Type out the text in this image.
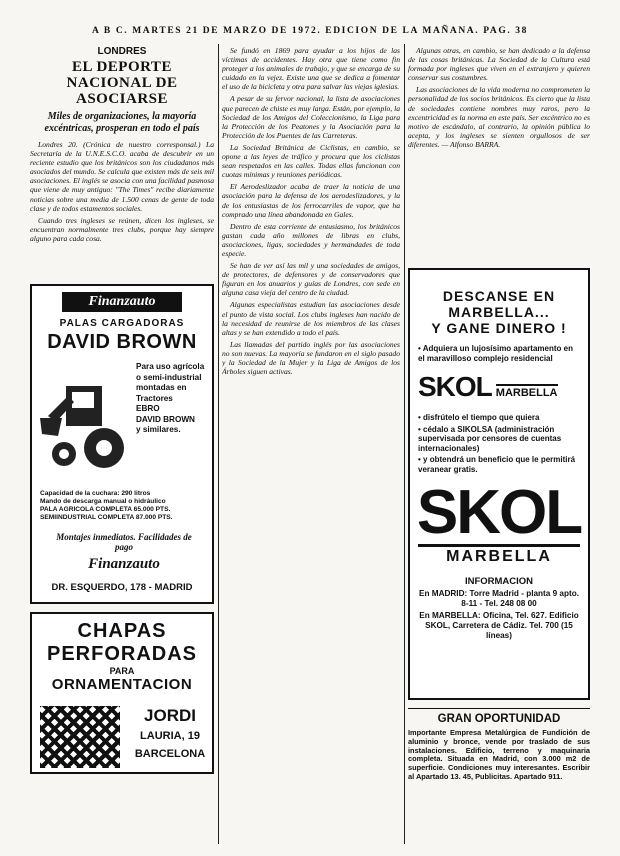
A B C. MARTES 21 DE MARZO DE 1972. EDICION DE LA MAÑANA. PAG. 38

LONDRES

EL DEPORTE NACIONAL DE ASOCIARSE
Miles de organizaciones, la mayoría excéntricas, prosperan en todo el país

Londres 20. (Crónica de nuestro corresponsal.) La Secretaría de la U.N.E.S.C.O. acaba de descubrir en un reciente estudio que los británicos son los ciudadanos más asociados del mundo. Se calcula que existen más de seis mil asociaciones. El inglés se asocia con una facilidad pasmosa que viene de muy antiguo: "The Times" recibe diariamente noticias sobre una media de 1.500 cenas de gente de toda clase y de todos estamentos sociales.

Cuando tres ingleses se reúnen, dicen los ingleses, se encuentran normalmente tres clubs, porque hay siempre alguno para cada cosa.

Finanzauto
PALAS CARGADORAS
DAVID BROWN
Para uso agrícola
o semi-industrial
montadas en
Tractores
EBRO
DAVID BROWN
y similares.
Capacidad de la cuchara: 290 litros
Mando de descarga manual o hidráulico
PALA AGRICOLA COMPLETA 65.000 PTS.
SEMIINDUSTRIAL COMPLETA 87.000 PTS.
Montajes inmediatos. Facilidades de pago
Finanzauto
DR. ESQUERDO, 178 - MADRID
CHAPAS
PERFORADAS
PARA
ORNAMENTACION
JORDI
LAURIA, 19
BARCELONA

Se fundó en 1869 para ayudar a los hijos de las víctimas de accidentes. Hay otra que tiene como fin proteger a los animales de trabajo, y que se encarga de su cuidado en la vejez. Existe una que se dedica a fomentar el uso de la bicicleta y otra para salvar las viejas iglesias.

A pesar de su fervor nacional, la lista de asociaciones que parecen de chiste es muy larga. Están, por ejemplo, la Sociedad de los Amigos del Coleccionismo, la Liga para la Protección de los Peatones y la Asociación para la Protección de los Puentes de las Carreteras.

La Sociedad Británica de Ciclistas, en cambio, se opone a las leyes de tráfico y procura que los ciclistas sean respetados en las calles. Todas ellas funcionan con cuotas mínimas y reuniones periódicas.

El Aerodeslizador acaba de traer la noticia de una asociación para la defensa de los aerodeslizadores, y la de los entusiastas de los ferrocarriles de vapor, que ha comprado una línea abandonada en Gales.

Dentro de esta corriente de entusiasmo, los británicos gastan cada año millones de libras en clubs, asociaciones, ligas, sociedades y hermandades de toda especie.

Se han de ver así las mil y una sociedades de amigos, de protectores, de defensores y de conservadores que figuran en los anuarios y guías de Londres, con sede en alguna casa vieja del centro de la ciudad.

Algunas especialistas estudian las asociaciones desde el punto de vista social. Los clubs ingleses han nacido de la necesidad de reunirse de los miembros de las clases altas y se han extendido a todo el país.

Las llamadas del partido inglés por las asociaciones no son nuevas. La mayoría se fundaron en el siglo pasado y la Sociedad de la Mujer y la Liga de Amigos de los Árboles siguen activas.

Algunas otras, en cambio, se han dedicado a la defensa de las cosas británicas. La Sociedad de la Cultura está formada por ingleses que viven en el extranjero y quieren conservar sus costumbres.

Las asociaciones de la vida moderna no comprometen la personalidad de los socios británicos. Es cierto que la lista de sociedades contiene nombres muy raros, pero la excentricidad es la norma en este país. Ser excéntrico no es motivo de escándalo, al contrario, la opinión pública lo acepta, y los ingleses se sienten orgullosos de ser diferentes. — Alfonso BARRA.

DESCANSE EN
MARBELLA...
Y GANE DINERO !
• Adquiera un lujosísimo apartamento en el maravilloso complejo residencial
SKOL MARBELLA
• disfrútelo el tiempo que quiera
• cédalo a SIKOLSA (administración supervisada por censores de cuentas internacionales)
• y obtendrá un beneficio que le permitirá veranear gratis.
SKOL
MARBELLA
INFORMACION
En MADRID: Torre Madrid - planta 9 apto. 8-11 - Tel. 248 08 00
En MARBELLA: Oficina, Tel. 627. Edificio SKOL, Carretera de Cádiz. Tel. 700 (15 líneas)
GRAN OPORTUNIDAD
Importante Empresa Metalúrgica de Fundición de aluminio y bronce, vende por traslado de sus instalaciones. Edificio, terreno y maquinaria completa. Situada en Madrid, con 3.000 m2 de superficie. Condiciones muy interesantes. Escribir al Apartado 13. 45, Publicitas. Apartado 911.
